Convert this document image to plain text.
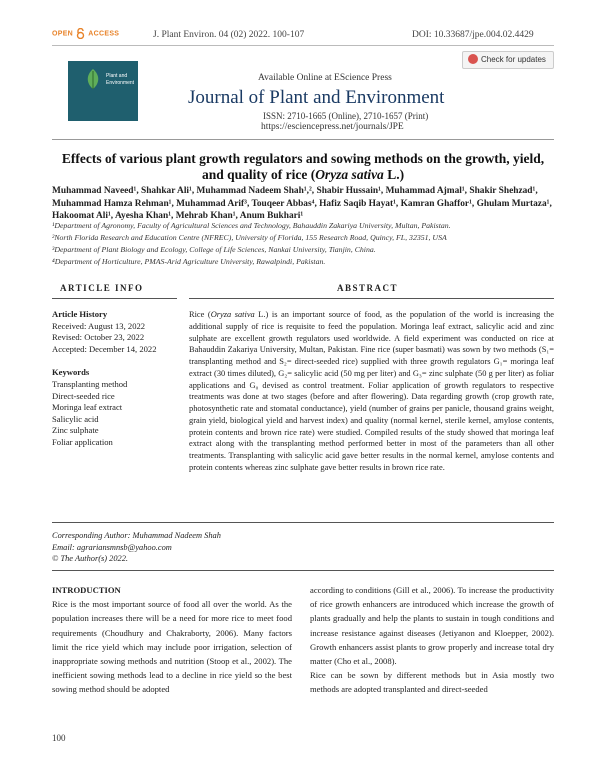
OPEN ACCESS	J. Plant Environ. 04 (02) 2022. 100-107	DOI: 10.33687/jpe.004.02.4429
Plant and
Environment
Check for updates
Available Online at EScience Press
Journal of Plant and Environment
ISSN: 2710-1665 (Online), 2710-1657 (Print)
https://esciencepress.net/journals/JPE
Effects of various plant growth regulators and sowing methods on the growth, yield, and quality of rice (Oryza sativa L.)
Muhammad Naveed¹, Shahkar Ali¹, Muhammad Nadeem Shah¹,², Shabir Hussain¹, Muhammad Ajmal¹, Shakir Shehzad¹, Muhammad Hamza Rehman¹, Muhammad Arif³, Touqeer Abbas⁴, Hafiz Saqib Hayat¹, Kamran Ghaffor¹, Ghulam Murtaza¹, Hakoomat Ali¹, Ayesha Khan¹, Mehrab Khan¹, Anum Bukhari¹
¹Department of Agronomy, Faculty of Agricultural Sciences and Technology, Bahauddin Zakariya University, Multan, Pakistan.
²North Florida Research and Education Centre (NFREC), University of Florida, 155 Research Road, Quincy, FL, 32351, USA
³Department of Plant Biology and Ecology, College of Life Sciences, Nankai University, Tianjin, China.
⁴Department of Horticulture, PMAS-Arid Agriculture University, Rawalpindi, Pakistan.
ARTICLE INFO	ABSTRACT
Article History
Received: August 13, 2022
Revised: October 23, 2022
Accepted: December 14, 2022
Keywords
Transplanting method
Direct-seeded rice
Moringa leaf extract
Salicylic acid
Zinc sulphate
Foliar application
Rice (Oryza sativa L.) is an important source of food, as the population of the world is increasing the additional supply of rice is requisite to feed the population. Moringa leaf extract, salicylic acid and zinc sulphate are excellent growth regulators used worldwide. A field experiment was conducted on rice at Bahauddin Zakariya University, Multan, Pakistan. Fine rice (super basmati) was sown by two methods (S₁= transplanting method and S₂= direct-seeded rice) supplied with three growth regulators G₁= moringa leaf extract (30 times diluted), G₂= salicylic acid (50 mg per liter) and G₃= zinc sulphate (50 g per liter) as foliar applications and G₀ devised as control treatment. Foliar application of growth regulators to respective treatments was done at two stages (before and after flowering). Data regarding growth (crop growth rate, photosynthetic rate and stomatal conductance), yield (number of grains per panicle, thousand grains weight, grain yield, biological yield and harvest index) and quality (normal kernel, sterile kernel, amylose contents, protein contents and brown rice rate) were studied. Compiled results of the study showed that moringa leaf extract along with the transplanting method performed better in most of the parameters than all other treatments. Transplanting with salicylic acid gave better results in the normal kernel, amylose contents and protein contents whereas zinc sulphate gave better results in brown rice rate.
Corresponding Author: Muhammad Nadeem Shah
Email: agrariansmnsb@yahoo.com
© The Author(s) 2022.
INTRODUCTION
Rice is the most important source of food all over the world. As the population increases there will be a need for more rice to meet food requirements (Choudhury and Chakraborty, 2006). Many factors limit the rice yield which may include poor irrigation, selection of inappropriate sowing methods and nutrition (Stoop et al., 2002). The inefficient sowing methods lead to a decline in rice yield so the best sowing method should be adopted
according to conditions (Gill et al., 2006). To increase the productivity of rice growth enhancers are introduced which increase the growth of plants gradually and help the plants to sustain in tough conditions and increase resistance against diseases (Jetiyanon and Kloepper, 2002). Growth enhancers assist plants to grow properly and increase total dry matter (Cho et al., 2008).
Rice can be sown by different methods but in Asia mostly two methods are adopted transplanted and direct-seeded
100
